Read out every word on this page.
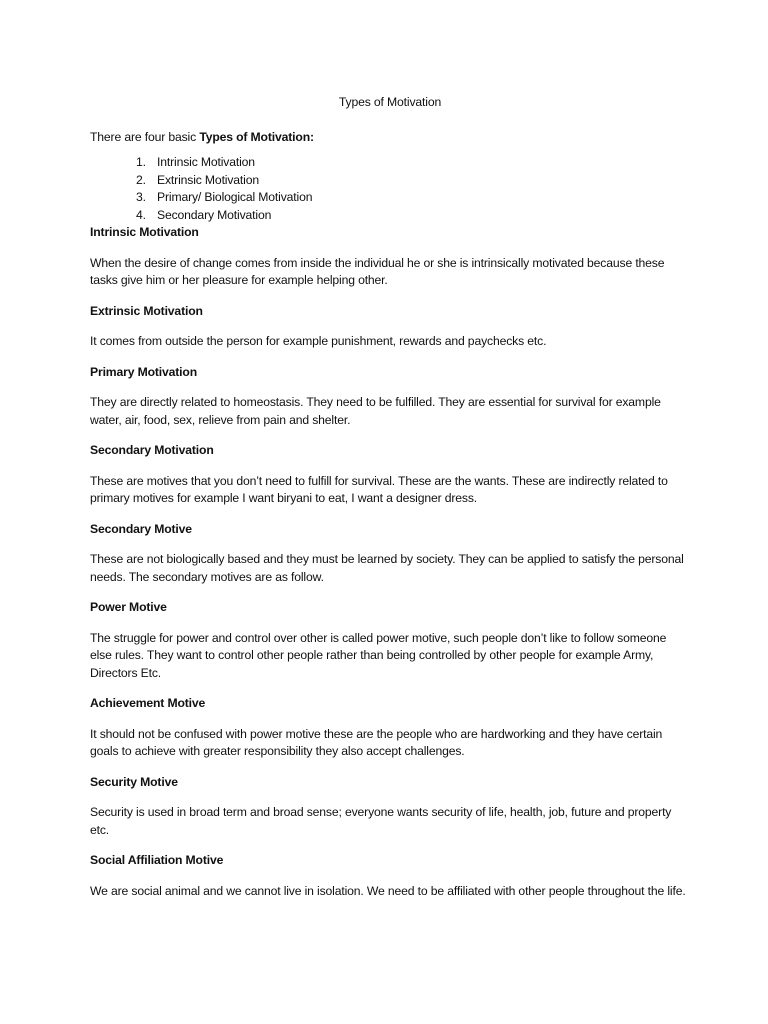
Types of Motivation

There are four basic Types of Motivation:

1. Intrinsic Motivation
2. Extrinsic Motivation
3. Primary/ Biological Motivation
4. Secondary Motivation

Intrinsic Motivation

When the desire of change comes from inside the individual he or she is intrinsically motivated because these tasks give him or her pleasure for example helping other.

Extrinsic Motivation

It comes from outside the person for example punishment, rewards and paychecks etc.

Primary Motivation

They are directly related to homeostasis. They need to be fulfilled. They are essential for survival for example water, air, food, sex, relieve from pain and shelter.

Secondary Motivation

These are motives that you don’t need to fulfill for survival. These are the wants. These are indirectly related to primary motives for example I want biryani to eat, I want a designer dress.

Secondary Motive

These are not biologically based and they must be learned by society. They can be applied to satisfy the personal needs. The secondary motives are as follow.

Power Motive

The struggle for power and control over other is called power motive, such people don’t like to follow someone else rules. They want to control other people rather than being controlled by other people for example Army, Directors Etc.

Achievement Motive

It should not be confused with power motive these are the people who are hardworking and they have certain goals to achieve with greater responsibility they also accept challenges.

Security Motive

Security is used in broad term and broad sense; everyone wants security of life, health, job, future and property etc.

Social Affiliation Motive

We are social animal and we cannot live in isolation. We need to be affiliated with other people throughout the life.
